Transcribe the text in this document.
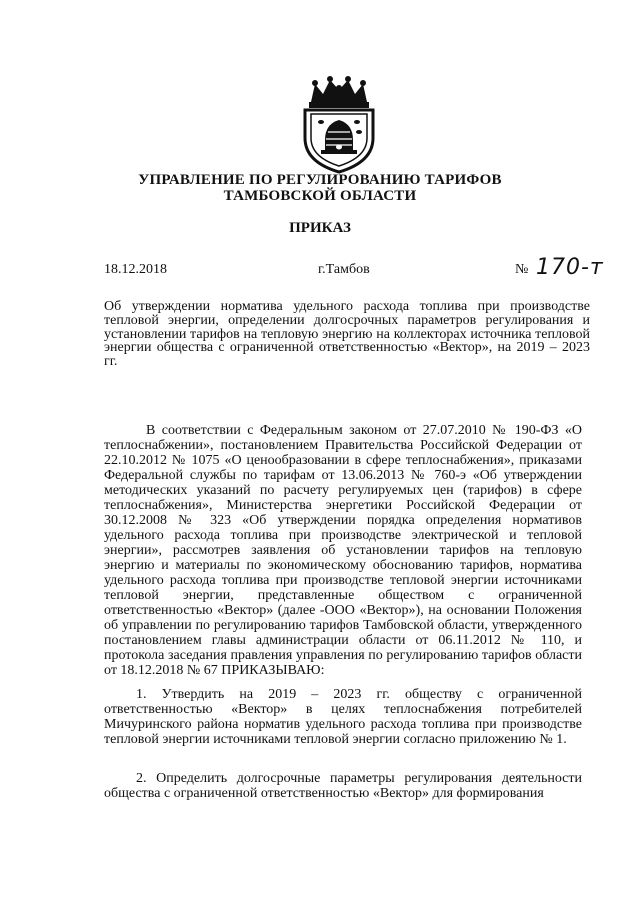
УПРАВЛЕНИЕ ПО РЕГУЛИРОВАНИЮ ТАРИФОВ
ТАМБОВСКОЙ ОБЛАСТИ
ПРИКАЗ
18.12.2018	г.Тамбов	№ 170-т
Об утверждении норматива удельного расхода топлива при производстве тепловой энергии, определении долгосрочных параметров регулирования и установлении тарифов на тепловую энергию на коллекторах источника тепловой энергии общества с ограниченной ответственностью «Вектор», на 2019 – 2023 гг.
В соответствии с Федеральным законом от 27.07.2010 № 190-ФЗ «О теплоснабжении», постановлением Правительства Российской Федерации от 22.10.2012 № 1075 «О ценообразовании в сфере теплоснабжения», приказами Федеральной службы по тарифам от 13.06.2013 № 760-э «Об утверждении методических указаний по расчету регулируемых цен (тарифов) в сфере теплоснабжения», Министерства энергетики Российской Федерации от 30.12.2008 № 323 «Об утверждении порядка определения нормативов удельного расхода топлива при производстве электрической и тепловой энергии», рассмотрев заявления об установлении тарифов на тепловую энергию и материалы по экономическому обоснованию тарифов, норматива удельного расхода топлива при производстве тепловой энергии источниками тепловой энергии, представленные обществом с ограниченной ответственностью «Вектор» (далее -ООО «Вектор»), на основании Положения об управлении по регулированию тарифов Тамбовской области, утвержденного постановлением главы администрации области от 06.11.2012 № 110, и протокола заседания правления управления по регулированию тарифов области от 18.12.2018 № 67 ПРИКАЗЫВАЮ:
1. Утвердить на 2019 – 2023 гг. обществу с ограниченной ответственностью «Вектор» в целях теплоснабжения потребителей Мичуринского района норматив удельного расхода топлива при производстве тепловой энергии источниками тепловой энергии согласно приложению № 1.
2. Определить долгосрочные параметры регулирования деятельности общества с ограниченной ответственностью «Вектор» для формирования
